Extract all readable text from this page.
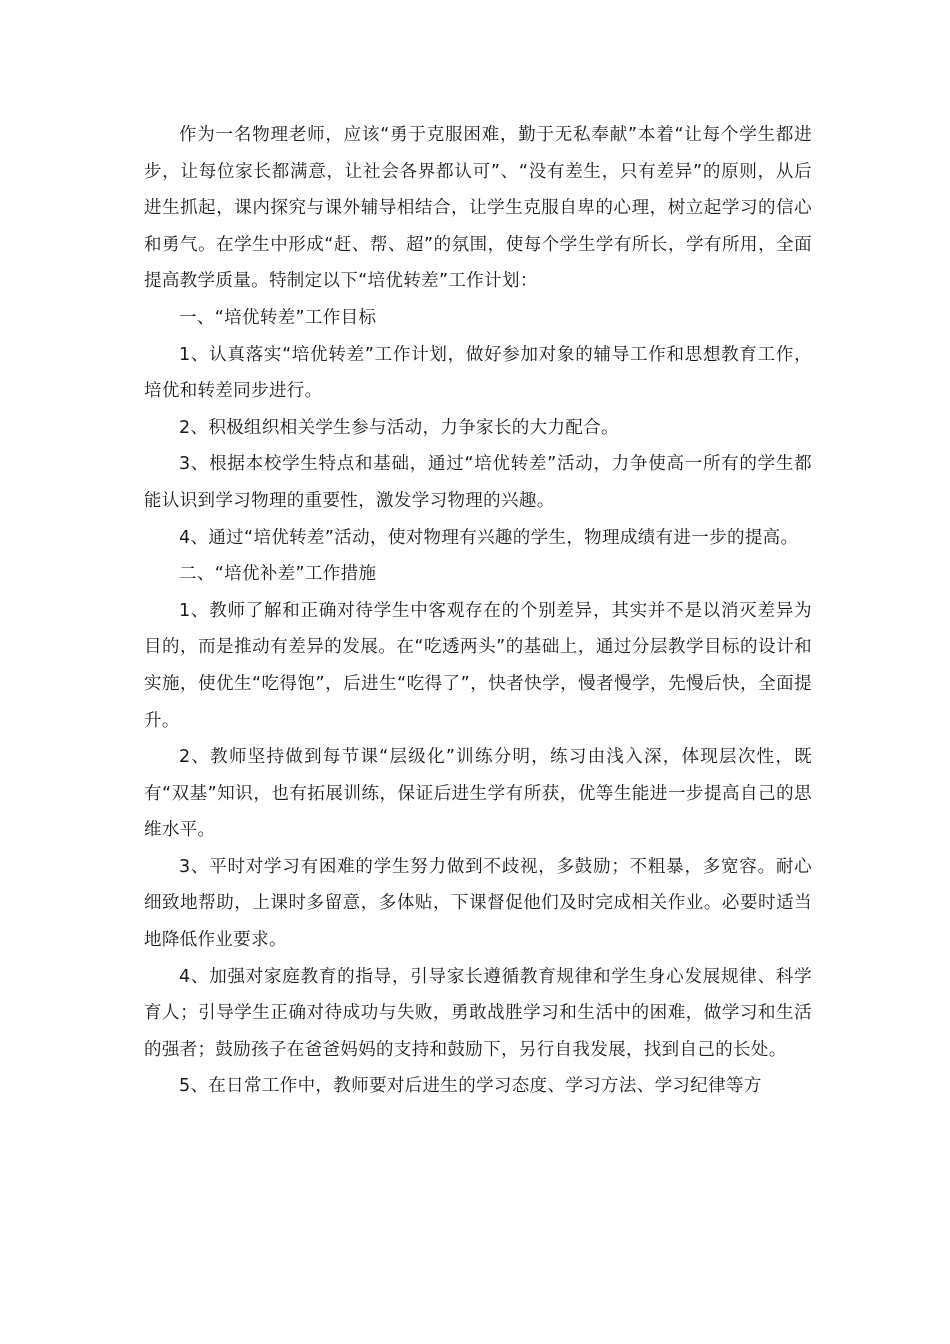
作为一名物理老师，应该“勇于克服困难，勤于无私奉献”本着“让每个学生都进步，让每位家长都满意，让社会各界都认可”、“没有差生，只有差异”的原则，从后进生抓起，课内探究与课外辅导相结合，让学生克服自卑的心理，树立起学习的信心和勇气。在学生中形成“赶、帮、超”的氛围，使每个学生学有所长，学有所用，全面提高教学质量。特制定以下“培优转差”工作计划：

一、“培优转差”工作目标

1、认真落实“培优转差”工作计划，做好参加对象的辅导工作和思想教育工作，培优和转差同步进行。

2、积极组织相关学生参与活动，力争家长的大力配合。

3、根据本校学生特点和基础，通过“培优转差”活动，力争使高一所有的学生都能认识到学习物理的重要性，激发学习物理的兴趣。

4、通过“培优转差”活动，使对物理有兴趣的学生，物理成绩有进一步的提高。

二、“培优补差”工作措施

1、教师了解和正确对待学生中客观存在的个别差异，其实并不是以消灭差异为目的，而是推动有差异的发展。在“吃透两头”的基础上，通过分层教学目标的设计和实施，使优生“吃得饱”，后进生“吃得了”，快者快学，慢者慢学，先慢后快，全面提升。

2、教师坚持做到每节课“层级化”训练分明，练习由浅入深，体现层次性，既有“双基”知识，也有拓展训练，保证后进生学有所获，优等生能进一步提高自己的思维水平。

3、平时对学习有困难的学生努力做到不歧视，多鼓励；不粗暴，多宽容。耐心细致地帮助，上课时多留意，多体贴，下课督促他们及时完成相关作业。必要时适当地降低作业要求。

4、加强对家庭教育的指导，引导家长遵循教育规律和学生身心发展规律、科学育人；引导学生正确对待成功与失败，勇敢战胜学习和生活中的困难，做学习和生活的强者；鼓励孩子在爸爸妈妈的支持和鼓励下，另行自我发展，找到自己的长处。

5、在日常工作中，教师要对后进生的学习态度、学习方法、学习纪律等方
